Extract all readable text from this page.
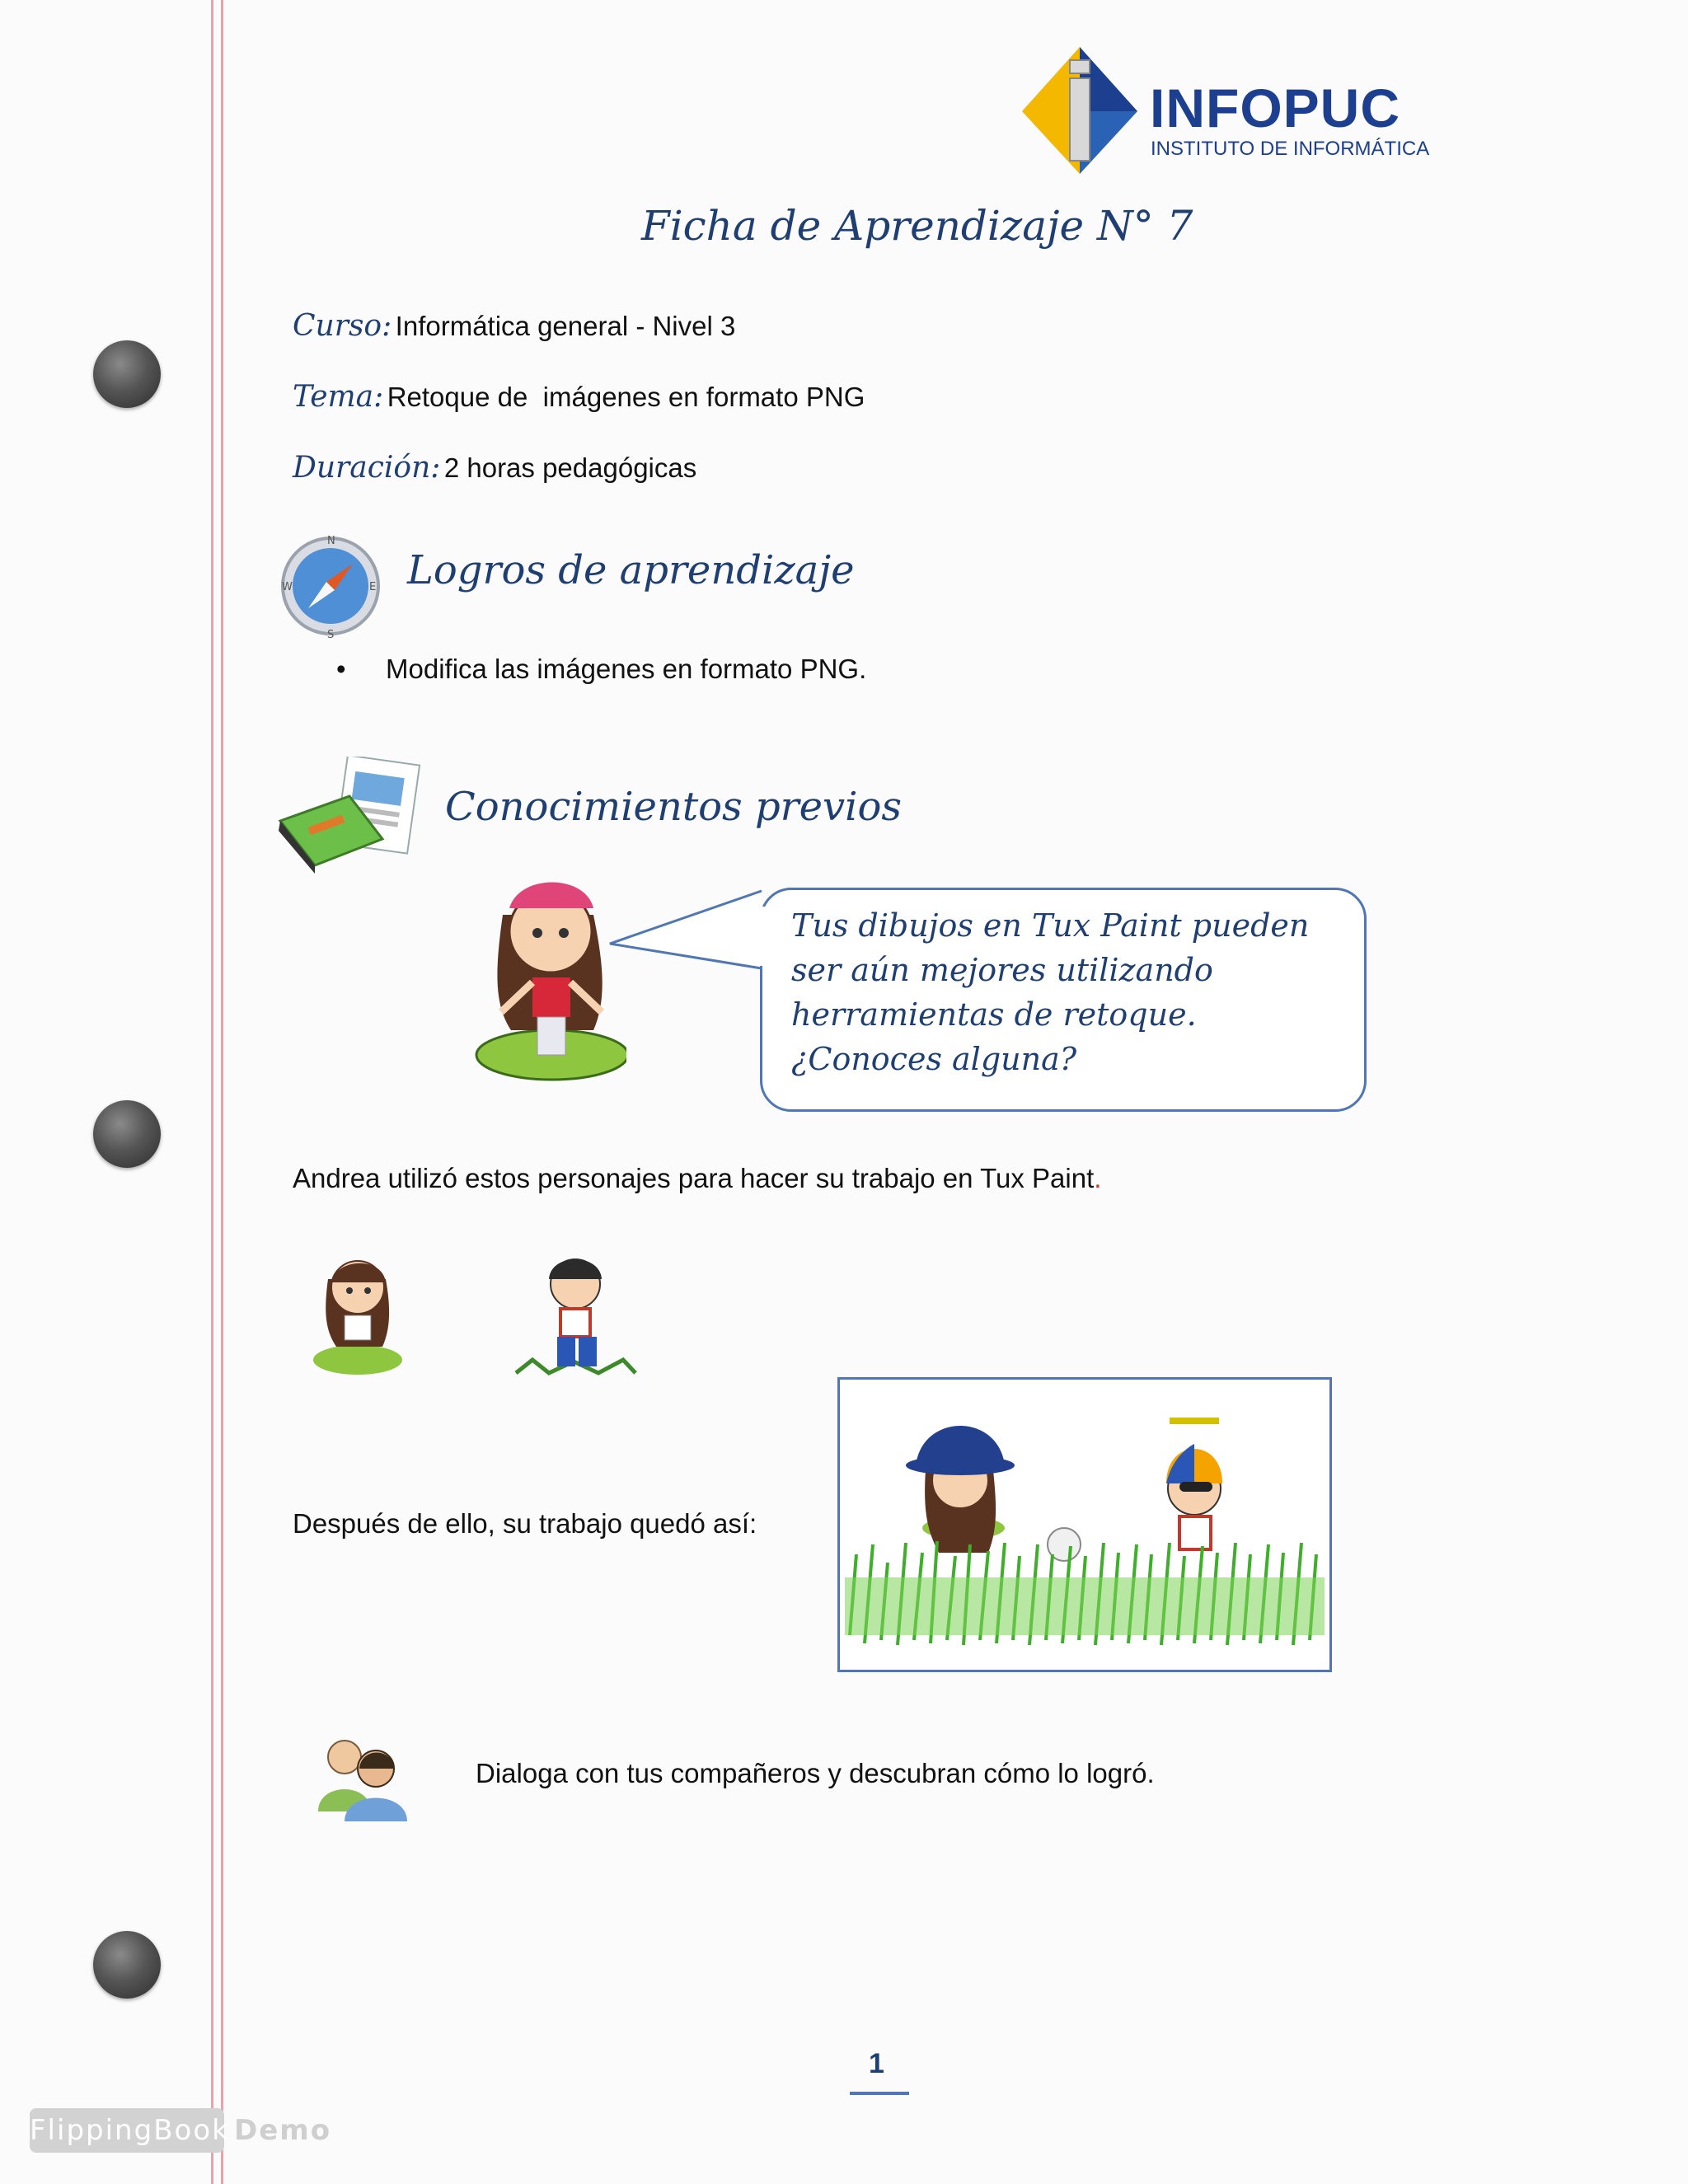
INFOPUC
INSTITUTO DE INFORMÁTICA
Ficha de Aprendizaje N° 7
Curso: Informática general - Nivel 3
Tema: Retoque de  imágenes en formato PNG
Duración: 2 horas pedagógicas
N
S
E
W	Logros de aprendizaje
• Modifica las imágenes en formato PNG.
Conocimientos previos
Tus dibujos en Tux Paint pueden ser aún mejores utilizando herramientas de retoque. ¿Conoces alguna?
Andrea utilizó estos personajes para hacer su trabajo en Tux Paint.
Después de ello, su trabajo quedó así:
Dialoga con tus compañeros y descubran cómo lo logró.
1
FlippingBook Demo
